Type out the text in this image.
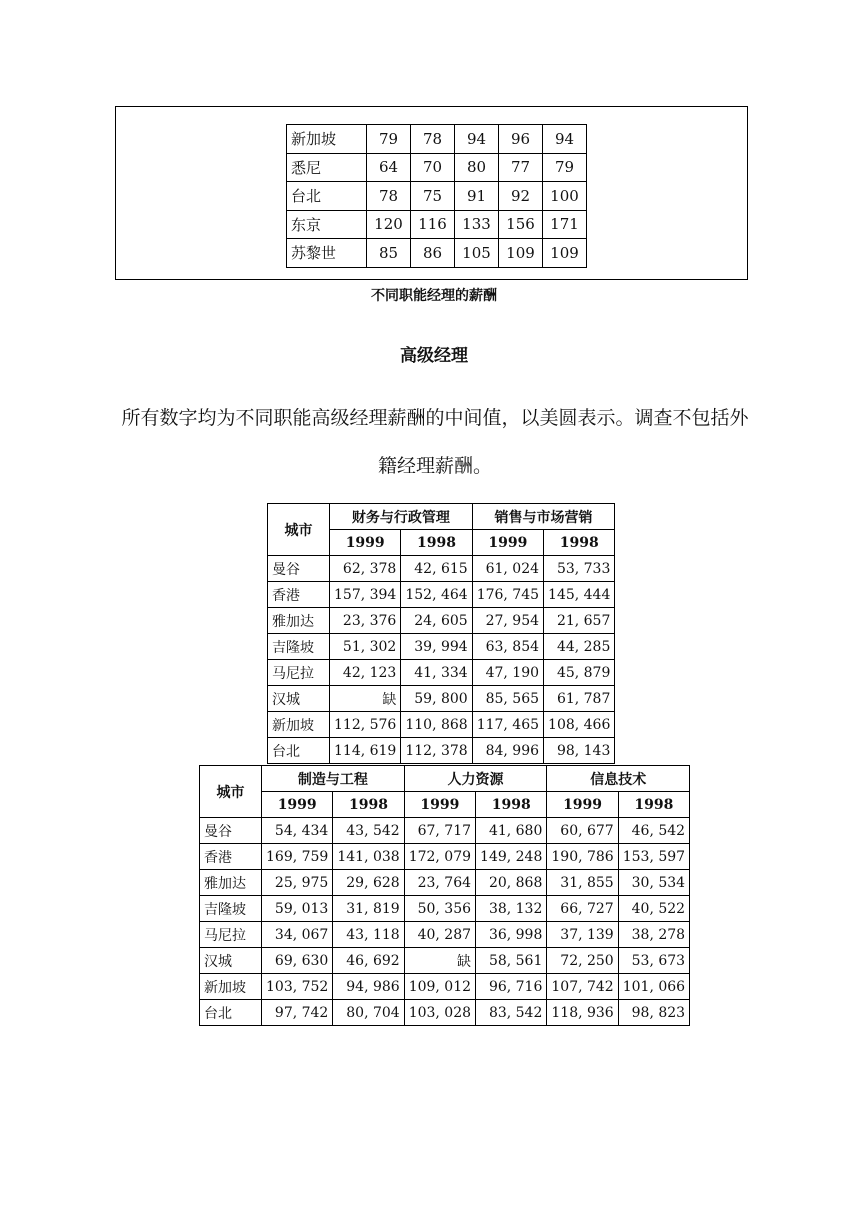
新加坡	79	78	94	96	94
悉尼	64	70	80	77	79
台北	78	75	91	92	100
东京	120	116	133	156	171
苏黎世	85	86	105	109	109
不同职能经理的薪酬
高级经理
所有数字均为不同职能高级经理薪酬的中间值，以美圆表示。调查不包括外籍经理薪酬。
城市	财务与行政管理		销售与市场营销	
	1999	1998	1999	1998
曼谷	62, 378	42, 615	61, 024	53, 733
香港	157, 394	152, 464	176, 745	145, 444
雅加达	23, 376	24, 605	27, 954	21, 657
吉隆坡	51, 302	39, 994	63, 854	44, 285
马尼拉	42, 123	41, 334	47, 190	45, 879
汉城	缺	59, 800	85, 565	61, 787
新加坡	112, 576	110, 868	117, 465	108, 466
台北	114, 619	112, 378	84, 996	98, 143
城市	制造与工程		人力资源		信息技术	
	1999	1998	1999	1998	1999	1998
曼谷	54, 434	43, 542	67, 717	41, 680	60, 677	46, 542
香港	169, 759	141, 038	172, 079	149, 248	190, 786	153, 597
雅加达	25, 975	29, 628	23, 764	20, 868	31, 855	30, 534
吉隆坡	59, 013	31, 819	50, 356	38, 132	66, 727	40, 522
马尼拉	34, 067	43, 118	40, 287	36, 998	37, 139	38, 278
汉城	69, 630	46, 692	缺	58, 561	72, 250	53, 673
新加坡	103, 752	94, 986	109, 012	96, 716	107, 742	101, 066
台北	97, 742	80, 704	103, 028	83, 542	118, 936	98, 823
